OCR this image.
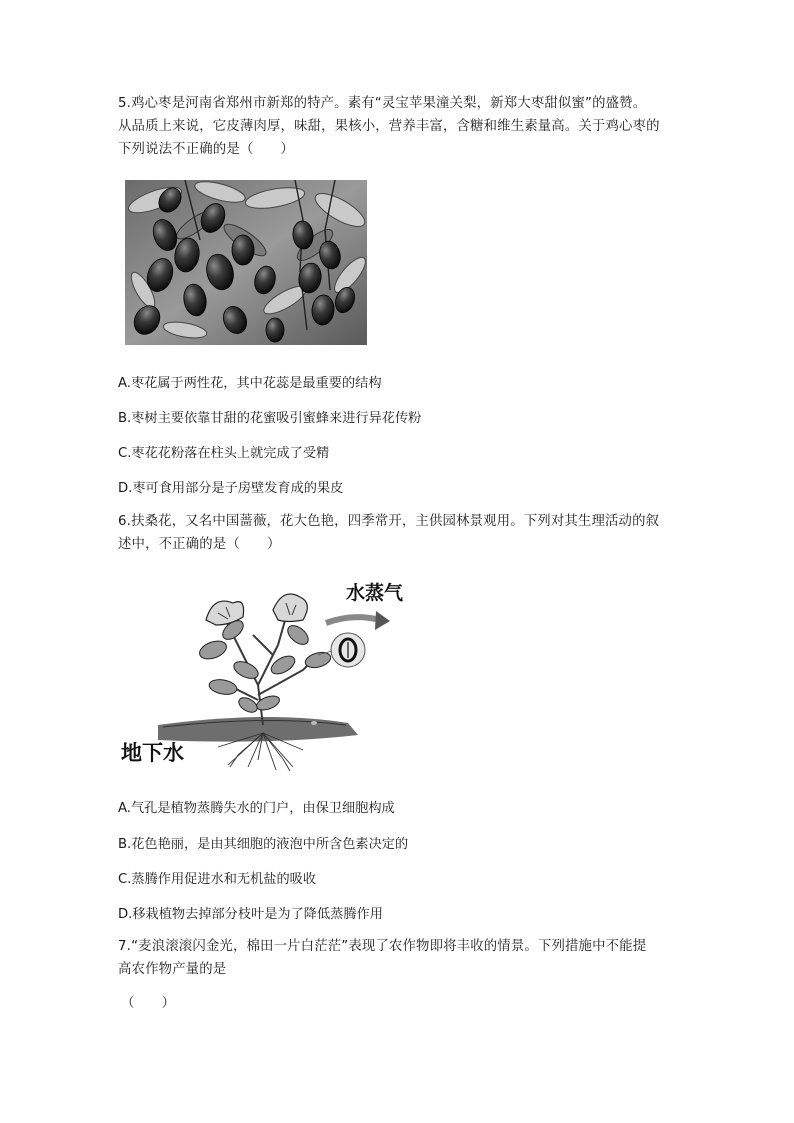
5.鸡心枣是河南省郑州市新郑的特产。素有“灵宝苹果潼关梨，新郑大枣甜似蜜”的盛赞。
从品质上来说，它皮薄肉厚，味甜，果核小，营养丰富，含糖和维生素量高。关于鸡心枣的
下列说法不正确的是（　　）
A.枣花属于两性花，其中花蕊是最重要的结构
B.枣树主要依靠甘甜的花蜜吸引蜜蜂来进行异花传粉
C.枣花花粉落在柱头上就完成了受精
D.枣可食用部分是子房壁发育成的果皮
6.扶桑花，又名中国蔷薇，花大色艳，四季常开，主供园林景观用。下列对其生理活动的叙
述中，不正确的是（　　）
水蒸气
地下水
A.气孔是植物蒸腾失水的门户，由保卫细胞构成
B.花色艳丽，是由其细胞的液泡中所含色素决定的
C.蒸腾作用促进水和无机盐的吸收
D.移栽植物去掉部分枝叶是为了降低蒸腾作用
7.“麦浪滚滚闪金光，棉田一片白茫茫”表现了农作物即将丰收的情景。下列措施中不能提
高农作物产量的是
（　　）
